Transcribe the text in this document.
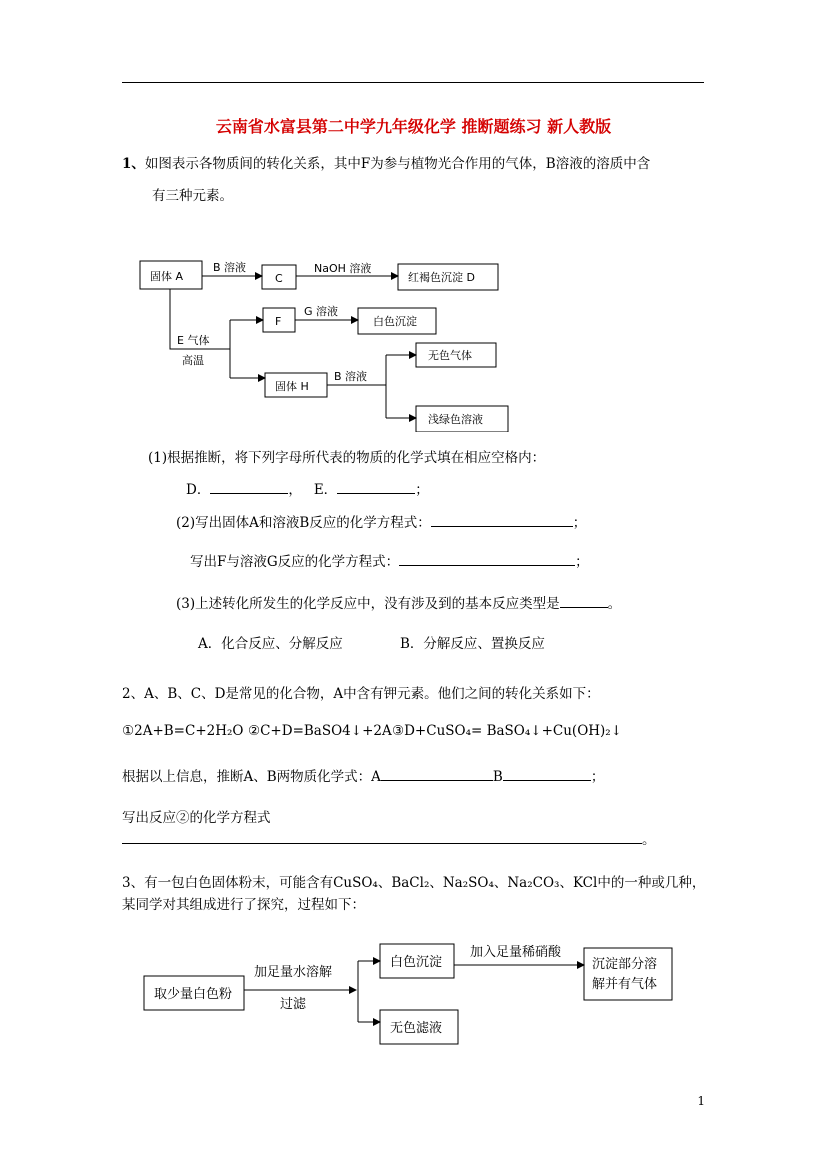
云南省水富县第二中学九年级化学 推断题练习 新人教版
1、如图表示各物质间的转化关系，其中F为参与植物光合作用的气体，B溶液的溶质中含
有三种元素。
固体 A
B 溶液
C
NaOH 溶液
红褐色沉淀 D
E 气体
高温
F
G 溶液
白色沉淀
固体 H
B 溶液
无色气体
浅绿色溶液
(1)根据推断，将下列字母所代表的物质的化学式填在相应空格内：
D．	， E．	；
(2)写出固体A和溶液B反应的化学方程式：	；
写出F与溶液G反应的化学方程式：	；
(3)上述转化所发生的化学反应中，没有涉及到的基本反应类型是	。
A．化合反应、分解反应	B．分解反应、置换反应
2、A、B、C、D是常见的化合物，A中含有钾元素。他们之间的转化关系如下：
①2A+B=C+2H₂O ②C+D=BaSO4↓+2A ③D+CuSO₄= BaSO₄↓+Cu(OH)₂↓
根据以上信息，推断A、B两物质化学式：A	B	；
写出反应②的化学方程式
。
3、有一包白色固体粉末，可能含有CuSO₄、BaCl₂、Na₂SO₄、Na₂CO₃、KCl中的一种或几种，
某同学对其组成进行了探究，过程如下：
取少量白色粉
加足量水溶解
过滤
白色沉淀
加入足量稀硝酸
沉淀部分溶
解并有气体
无色滤液
1
